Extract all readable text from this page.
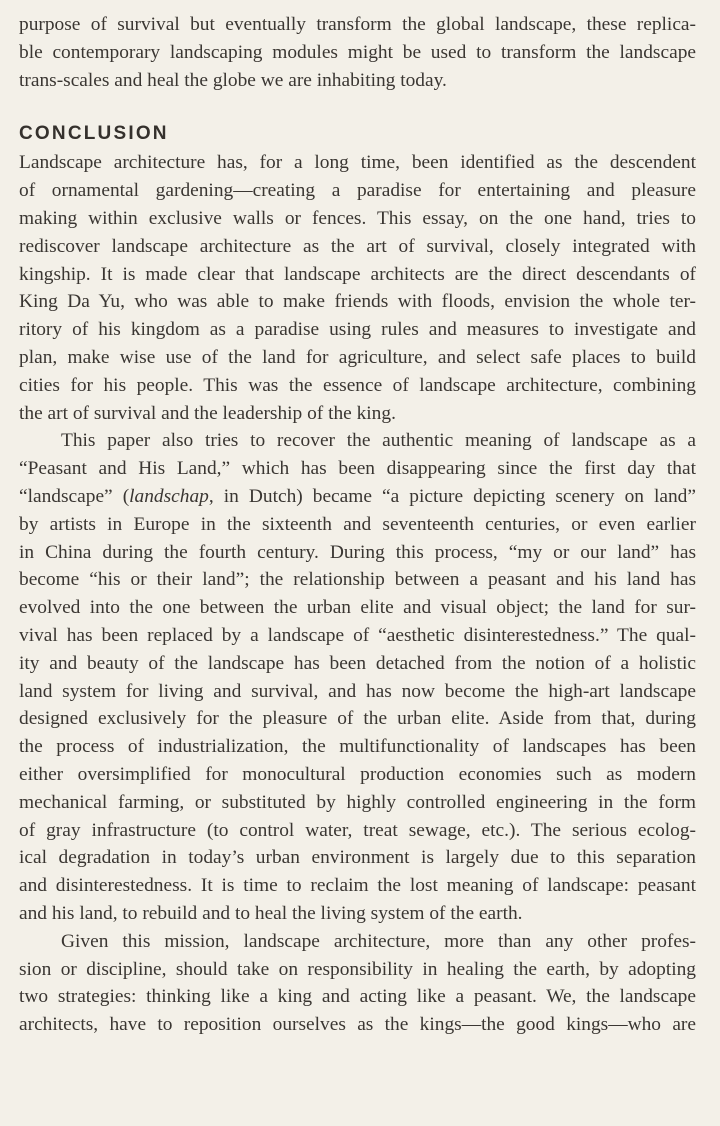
purpose of survival but eventually transform the global landscape, these replica-
ble contemporary landscaping modules might be used to transform the landscape
trans-scales and heal the globe we are inhabiting today.
CONCLUSION
Landscape architecture has, for a long time, been identified as the descendent
of ornamental gardening—creating a paradise for entertaining and pleasure
making within exclusive walls or fences. This essay, on the one hand, tries to
rediscover landscape architecture as the art of survival, closely integrated with
kingship. It is made clear that landscape architects are the direct descendants of
King Da Yu, who was able to make friends with floods, envision the whole ter-
ritory of his kingdom as a paradise using rules and measures to investigate and
plan, make wise use of the land for agriculture, and select safe places to build
cities for his people. This was the essence of landscape architecture, combining
the art of survival and the leadership of the king.
This paper also tries to recover the authentic meaning of landscape as a
“Peasant and His Land,” which has been disappearing since the first day that
“landscape” (landschap, in Dutch) became “a picture depicting scenery on land”
by artists in Europe in the sixteenth and seventeenth centuries, or even earlier
in China during the fourth century. During this process, “my or our land” has
become “his or their land”; the relationship between a peasant and his land has
evolved into the one between the urban elite and visual object; the land for sur-
vival has been replaced by a landscape of “aesthetic disinterestedness.” The qual-
ity and beauty of the landscape has been detached from the notion of a holistic
land system for living and survival, and has now become the high-art landscape
designed exclusively for the pleasure of the urban elite. Aside from that, during
the process of industrialization, the multifunctionality of landscapes has been
either oversimplified for monocultural production economies such as modern
mechanical farming, or substituted by highly controlled engineering in the form
of gray infrastructure (to control water, treat sewage, etc.). The serious ecolog-
ical degradation in today’s urban environment is largely due to this separation
and disinterestedness. It is time to reclaim the lost meaning of landscape: peasant
and his land, to rebuild and to heal the living system of the earth.
Given this mission, landscape architecture, more than any other profes-
sion or discipline, should take on responsibility in healing the earth, by adopting
two strategies: thinking like a king and acting like a peasant. We, the landscape
architects, have to reposition ourselves as the kings—the good kings—who are
